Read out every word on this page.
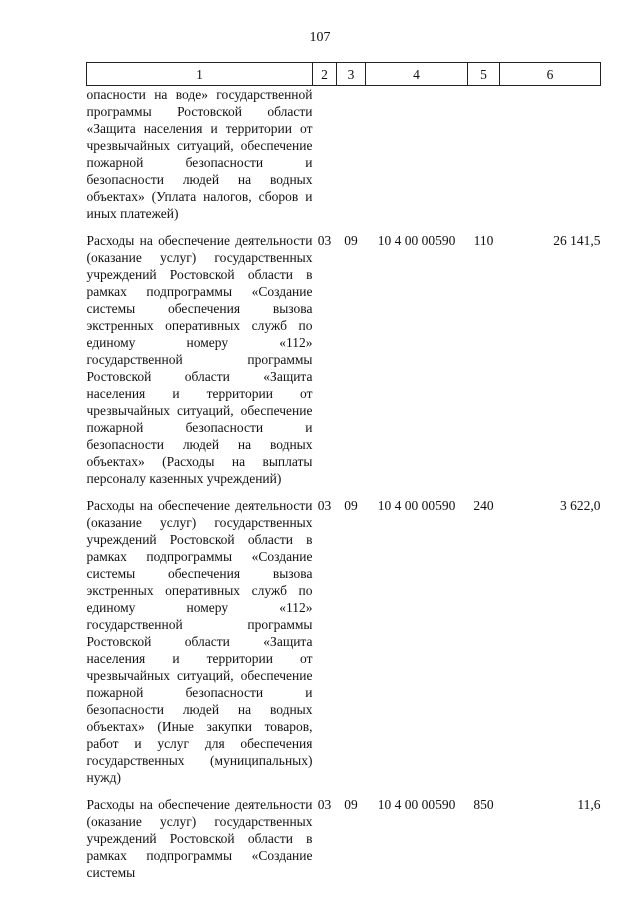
107
1	2	3	4	5	6
опасности на воде» государственной программы Ростовской области «Защита населения и территории от чрезвычайных ситуаций, обеспечение пожарной безопасности и безопасности людей на водных объектах» (Уплата налогов, сборов и иных платежей)					

Расходы на обеспечение деятельности (оказание услуг) государственных учреждений Ростовской области в рамках подпрограммы «Создание системы обеспечения вызова экстренных оперативных служб по единому номеру «112» государственной программы Ростовской области «Защита населения и территории от чрезвычайных ситуаций, обеспечение пожарной безопасности и безопасности людей на водных объектах» (Расходы на выплаты персоналу казенных учреждений)	03	09	10 4 00 00590	110	26 141,5

Расходы на обеспечение деятельности (оказание услуг) государственных учреждений Ростовской области в рамках подпрограммы «Создание системы обеспечения вызова экстренных оперативных служб по единому номеру «112» государственной программы Ростовской области «Защита населения и территории от чрезвычайных ситуаций, обеспечение пожарной безопасности и безопасности людей на водных объектах» (Иные закупки товаров, работ и услуг для обеспечения государственных (муниципальных) нужд)	03	09	10 4 00 00590	240	3 622,0

Расходы на обеспечение деятельности (оказание услуг) государственных учреждений Ростовской области в рамках подпрограммы «Создание системы	03	09	10 4 00 00590	850	11,6
